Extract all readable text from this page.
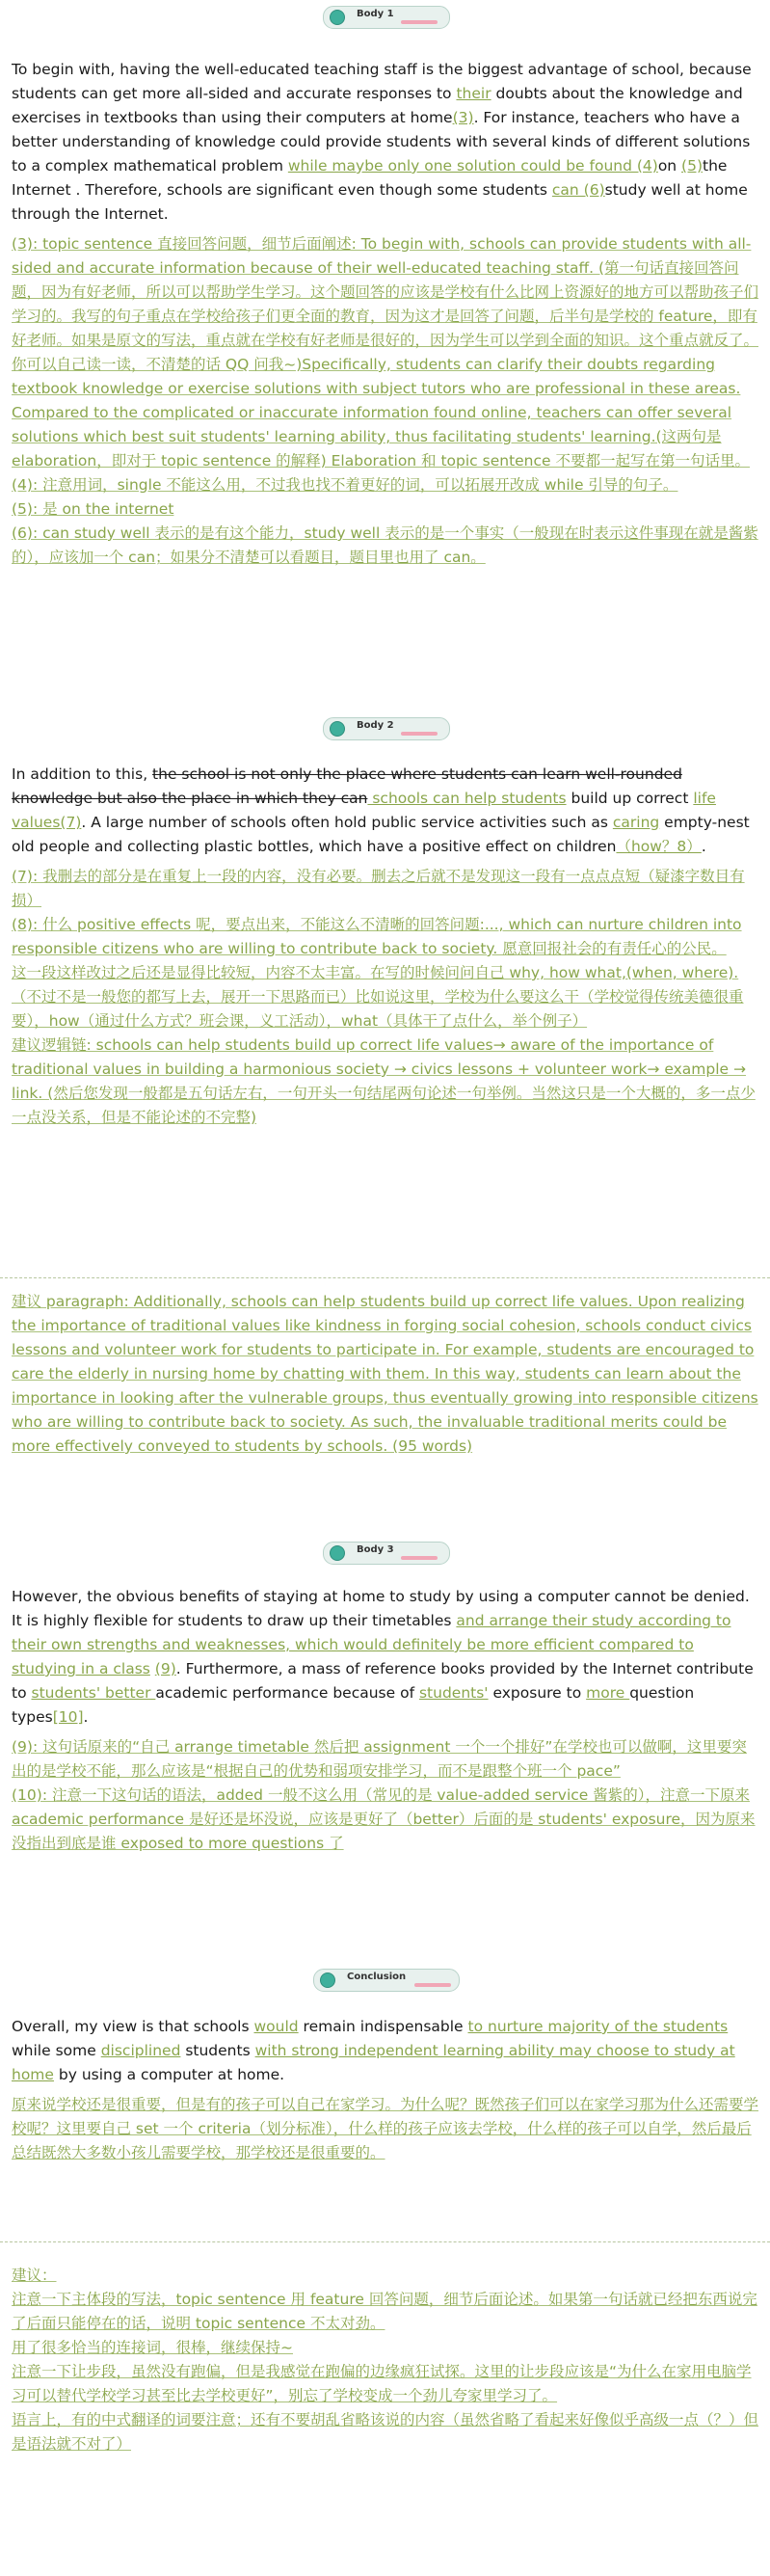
Body 1
To begin with, having the well-educated teaching staff is the biggest advantage of school, because students can get more all-sided and accurate responses to their doubts about the knowledge and exercises in textbooks than using their computers at home(3). For instance, teachers who have a better understanding of knowledge could provide students with several kinds of different solutions to a complex mathematical problem while maybe only one solution could be found (4)on (5)the Internet . Therefore, schools are significant even though some students can (6)study well at home through the Internet.

(3): topic sentence 直接回答问题，细节后面阐述: To begin with, schools can provide students with all-sided and accurate information because of their well-educated teaching staff. (第一句话直接回答问题，因为有好老师，所以可以帮助学生学习。这个题回答的应该是学校有什么比网上资源好的地方可以帮助孩子们学习的。我写的句子重点在学校给孩子们更全面的教育，因为这才是回答了问题，后半句是学校的 feature，即有好老师。如果是原文的写法，重点就在学校有好老师是很好的，因为学生可以学到全面的知识。这个重点就反了。你可以自己读一读，不清楚的话 QQ 问我~)Specifically, students can clarify their doubts regarding textbook knowledge or exercise solutions with subject tutors who are professional in these areas. Compared to the complicated or inaccurate information found online, teachers can offer several solutions which best suit students' learning ability, thus facilitating students' learning.(这两句是 elaboration，即对于 topic sentence 的解释) Elaboration 和 topic sentence 不要都一起写在第一句话里。

(4): 注意用词，single 不能这么用，不过我也找不着更好的词，可以拓展开改成 while 引导的句子。

(5): 是 on the internet

(6): can study well 表示的是有这个能力，study well 表示的是一个事实（一般现在时表示这件事现在就是酱紫的），应该加一个 can；如果分不清楚可以看题目，题目里也用了 can。

Body 2
In addition to this, the school is not only the place where students can learn well-rounded knowledge but also the place in which they can schools can help students build up correct life values(7). A large number of schools often hold public service activities such as caring empty-nest old people and collecting plastic bottles, which have a positive effect on children（how？8）.

(7): 我删去的部分是在重复上一段的内容，没有必要。删去之后就不是发现这一段有一点点点短（疑漆字数目有损）

(8): 什么 positive effects 呢，要点出来，不能这么不清晰的回答问题:..., which can nurture children into responsible citizens who are willing to contribute back to society. 愿意回报社会的有责任心的公民。

这一段这样改过之后还是显得比较短，内容不太丰富。在写的时候问问自己 why, how what,(when, where). （不过不是一般您的都写上去，展开一下思路而已）比如说这里，学校为什么要这么干（学校觉得传统美德很重要），how（通过什么方式？班会课，义工活动），what（具体干了点什么，举个例子）

建议逻辑链: schools can help students build up correct life values→ aware of the importance of traditional values in building a harmonious society → civics lessons + volunteer work→ example → link. (然后您发现一般都是五句话左右，一句开头一句结尾两句论述一句举例。当然这只是一个大概的，多一点少一点没关系，但是不能论述的不完整)

建议 paragraph: Additionally, schools can help students build up correct life values. Upon realizing the importance of traditional values like kindness in forging social cohesion, schools conduct civics lessons and volunteer work for students to participate in. For example, students are encouraged to care the elderly in nursing home by chatting with them. In this way, students can learn about the importance in looking after the vulnerable groups, thus eventually growing into responsible citizens who are willing to contribute back to society. As such, the invaluable traditional merits could be more effectively conveyed to students by schools. (95 words)

Body 3
However, the obvious benefits of staying at home to study by using a computer cannot be denied. It is highly flexible for students to draw up their timetables and arrange their study according to their own strengths and weaknesses, which would definitely be more efficient compared to studying in a class (9). Furthermore, a mass of reference books provided by the Internet contribute to students' better academic performance because of students' exposure to more question types[10].

(9): 这句话原来的“自己 arrange timetable 然后把 assignment 一个一个排好”在学校也可以做啊，这里要突出的是学校不能，那么应该是“根据自己的优势和弱项安排学习，而不是跟整个班一个 pace”

(10): 注意一下这句话的语法，added 一般不这么用（常见的是 value-added service 酱紫的），注意一下原来 academic performance 是好还是坏没说，应该是更好了（better）后面的是 students' exposure，因为原来没指出到底是谁 exposed to more questions 了

Conclusion
Overall, my view is that schools would remain indispensable to nurture majority of the students while some disciplined students with strong independent learning ability may choose to study at home by using a computer at home.

原来说学校还是很重要，但是有的孩子可以自己在家学习。为什么呢？既然孩子们可以在家学习那为什么还需要学校呢？这里要自己 set 一个 criteria（划分标准），什么样的孩子应该去学校，什么样的孩子可以自学，然后最后总结既然大多数小孩儿需要学校，那学校还是很重要的。

建议：

注意一下主体段的写法，topic sentence 用 feature 回答问题，细节后面论述。如果第一句话就已经把东西说完了后面只能停在的话，说明 topic sentence 不太对劲。

用了很多恰当的连接词，很棒，继续保持~

注意一下让步段，虽然没有跑偏，但是我感觉在跑偏的边缘疯狂试探。这里的让步段应该是“为什么在家用电脑学习可以替代学校学习甚至比去学校更好”，别忘了学校变成一个劲儿夸家里学习了。

语言上，有的中式翻译的词要注意；还有不要胡乱省略该说的内容（虽然省略了看起来好像似乎高级一点（？）但是语法就不对了）
